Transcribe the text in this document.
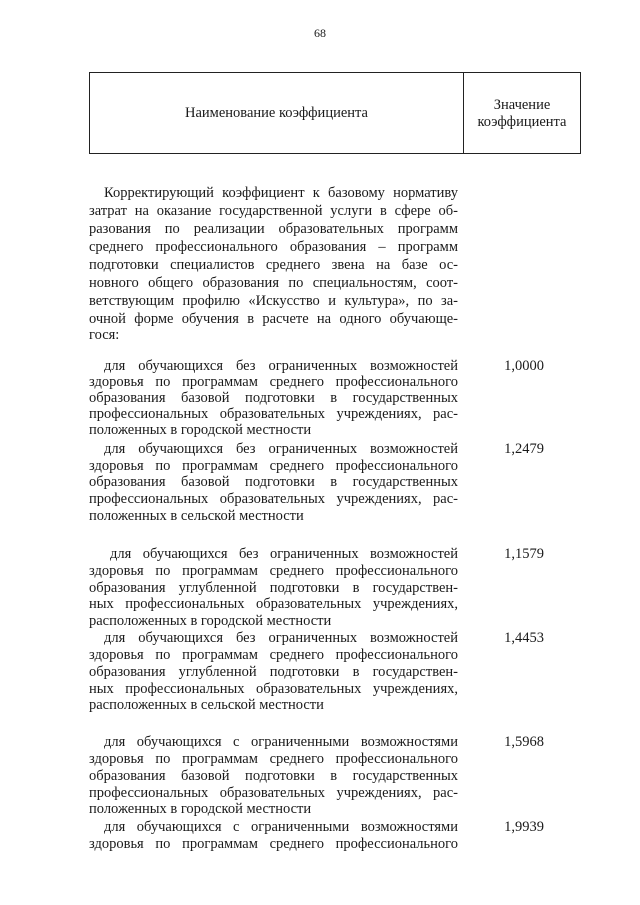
68
Наименование коэффициента	Значение
коэффициента
Корректирующий коэффициент к базовому нормативу
затрат на оказание государственной услуги в сфере об-
разования по реализации образовательных программ
среднего профессионального образования – программ
подготовки специалистов среднего звена на базе ос-
новного общего образования по специальностям, соот-
ветствующим профилю «Искусство и культура», по за-
очной форме обучения в расчете на одного обучающе-
гося:
для обучающихся без ограниченных возможностей
здоровья по программам среднего профессионального
образования базовой подготовки в государственных
профессиональных образовательных учреждениях, рас-
положенных в городской местности
1,0000
для обучающихся без ограниченных возможностей
здоровья по программам среднего профессионального
образования базовой подготовки в государственных
профессиональных образовательных учреждениях, рас-
положенных в сельской местности
1,2479
для обучающихся без ограниченных возможностей
здоровья по программам среднего профессионального
образования углубленной подготовки в государствен-
ных профессиональных образовательных учреждениях,
расположенных в городской местности
1,1579
для обучающихся без ограниченных возможностей
здоровья по программам среднего профессионального
образования углубленной подготовки в государствен-
ных профессиональных образовательных учреждениях,
расположенных в сельской местности
1,4453
для обучающихся с ограниченными возможностями
здоровья по программам среднего профессионального
образования базовой подготовки в государственных
профессиональных образовательных учреждениях, рас-
положенных в городской местности
1,5968
для обучающихся с ограниченными возможностями
здоровья по программам среднего профессионального
1,9939
